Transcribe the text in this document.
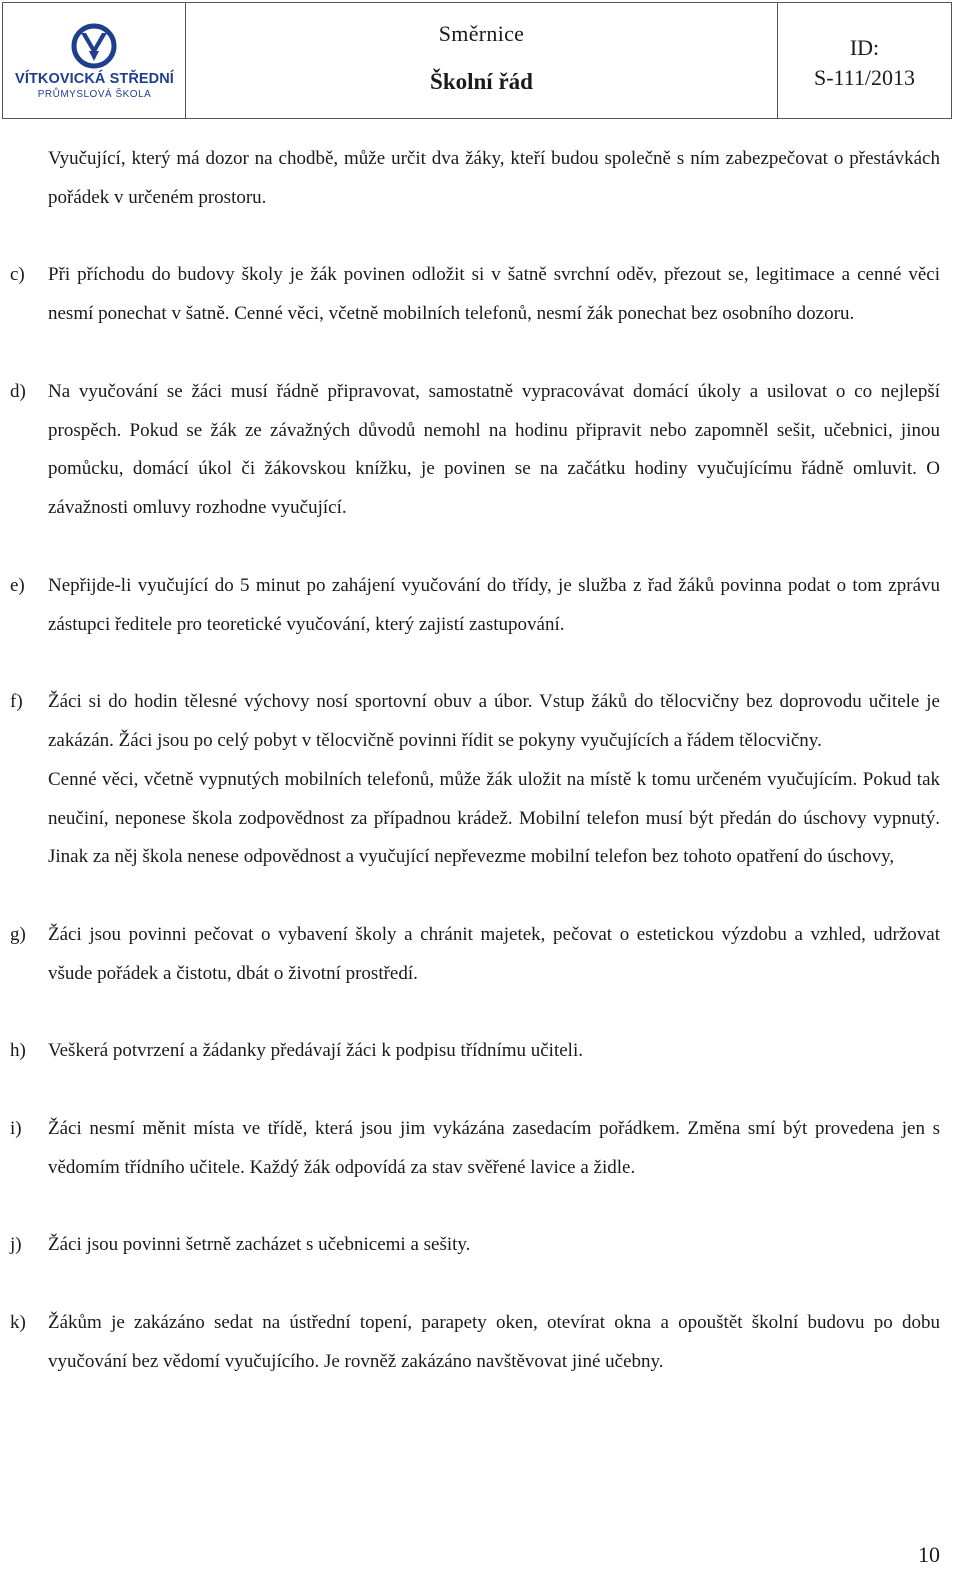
VÍTKOVICKÁ STŘEDNÍ
PRŮMYSLOVÁ ŠKOLA
Směrnice
Školní řád
ID:
S-111/2013

Vyučující, který má dozor na chodbě, může určit dva žáky, kteří budou společně s ním zabezpečovat o přestávkách pořádek v určeném prostoru.

c) Při příchodu do budovy školy je žák povinen odložit si v šatně svrchní oděv, přezout se, legitimace a cenné věci nesmí ponechat v šatně. Cenné věci, včetně mobilních telefonů, nesmí žák ponechat bez osobního dozoru.

d) Na vyučování se žáci musí řádně připravovat, samostatně vypracovávat domácí úkoly a usilovat o co nejlepší prospěch. Pokud se žák ze závažných důvodů nemohl na hodinu připravit nebo zapomněl sešit, učebnici, jinou pomůcku, domácí úkol či žákovskou knížku, je povinen se na začátku hodiny vyučujícímu řádně omluvit. O závažnosti omluvy rozhodne vyučující.

e) Nepřijde-li vyučující do 5 minut po zahájení vyučování do třídy, je služba z řad žáků povinna podat o tom zprávu zástupci ředitele pro teoretické vyučování, který zajistí zastupování.

f) Žáci si do hodin tělesné výchovy nosí sportovní obuv a úbor. Vstup žáků do tělocvičny bez doprovodu učitele je zakázán. Žáci jsou po celý pobyt v tělocvičně povinni řídit se pokyny vyučujících a řádem tělocvičny.

Cenné věci, včetně vypnutých mobilních telefonů, může žák uložit na místě k tomu určeném vyučujícím. Pokud tak neučiní, neponese škola zodpovědnost za případnou krádež. Mobilní telefon musí být předán do úschovy vypnutý. Jinak za něj škola nenese odpovědnost a vyučující nepřevezme mobilní telefon bez tohoto opatření do úschovy,

g) Žáci jsou povinni pečovat o vybavení školy a chránit majetek, pečovat o estetickou výzdobu a vzhled, udržovat všude pořádek a čistotu, dbát o životní prostředí.

h) Veškerá potvrzení a žádanky předávají žáci k podpisu třídnímu učiteli.

i) Žáci nesmí měnit místa ve třídě, která jsou jim vykázána zasedacím pořádkem. Změna smí být provedena jen s vědomím třídního učitele. Každý žák odpovídá za stav svěřené lavice a židle.

j) Žáci jsou povinni šetrně zacházet s učebnicemi a sešity.

k) Žákům je zakázáno sedat na ústřední topení, parapety oken, otevírat okna a opouštět školní budovu po dobu vyučování bez vědomí vyučujícího. Je rovněž zakázáno navštěvovat jiné učebny.

10
